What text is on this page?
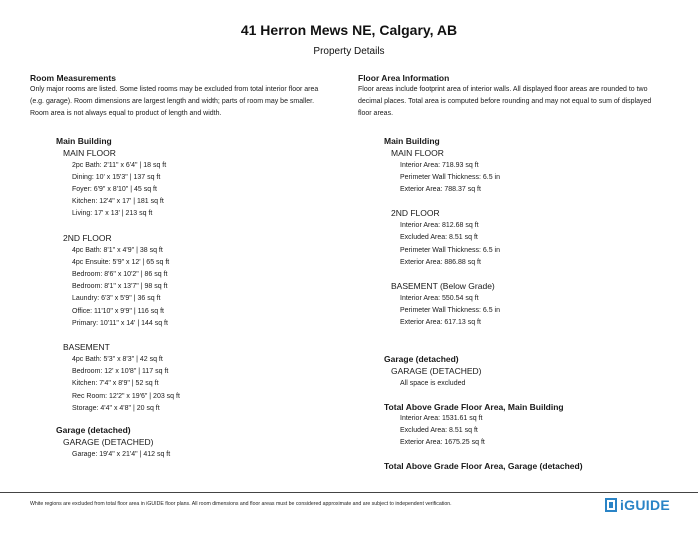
41 Herron Mews NE, Calgary, AB
Property Details

Room Measurements

Only major rooms are listed. Some listed rooms may be excluded from total interior floor area

(e.g. garage). Room dimensions are largest length and width; parts of room may be smaller.

Room area is not always equal to product of length and width.

Main Building
MAIN FLOOR
2pc Bath: 2'11" x 6'4" | 18 sq ft
Dining: 10' x 15'3" | 137 sq ft
Foyer: 6'9" x 8'10" | 45 sq ft
Kitchen: 12'4" x 17' | 181 sq ft
Living: 17' x 13' | 213 sq ft
2ND FLOOR
4pc Bath: 8'1" x 4'9" | 38 sq ft
4pc Ensuite: 5'9" x 12' | 65 sq ft
Bedroom: 8'6" x 10'2" | 86 sq ft
Bedroom: 8'1" x 13'7" | 98 sq ft
Laundry: 6'3" x 5'9" | 36 sq ft
Office: 11'10" x 9'9" | 116 sq ft
Primary: 10'11" x 14' | 144 sq ft
BASEMENT
4pc Bath: 5'3" x 8'3" | 42 sq ft
Bedroom: 12' x 10'8" | 117 sq ft
Kitchen: 7'4" x 8'9" | 52 sq ft
Rec Room: 12'2" x 19'6" | 203 sq ft
Storage: 4'4" x 4'8" | 20 sq ft
Garage (detached)
GARAGE (DETACHED)
Garage: 19'4" x 21'4" | 412 sq ft

Floor Area Information

Floor areas include footprint area of interior walls. All displayed floor areas are rounded to two

decimal places. Total area is computed before rounding and may not equal to sum of displayed

floor areas.

Main Building
MAIN FLOOR
Interior Area: 718.93 sq ft
Perimeter Wall Thickness: 6.5 in
Exterior Area: 788.37 sq ft
2ND FLOOR
Interior Area: 812.68 sq ft
Excluded Area: 8.51 sq ft
Perimeter Wall Thickness: 6.5 in
Exterior Area: 886.88 sq ft
BASEMENT (Below Grade)
Interior Area: 550.54 sq ft
Perimeter Wall Thickness: 6.5 in
Exterior Area: 617.13 sq ft
Garage (detached)
GARAGE (DETACHED)
All space is excluded
Total Above Grade Floor Area, Main Building
Interior Area: 1531.61 sq ft
Excluded Area: 8.51 sq ft
Exterior Area: 1675.25 sq ft
Total Above Grade Floor Area, Garage (detached)
White regions are excluded from total floor area in iGUIDE floor plans. All room dimensions and floor areas must be considered approximate and are subject to independent verification.	iGUIDE
